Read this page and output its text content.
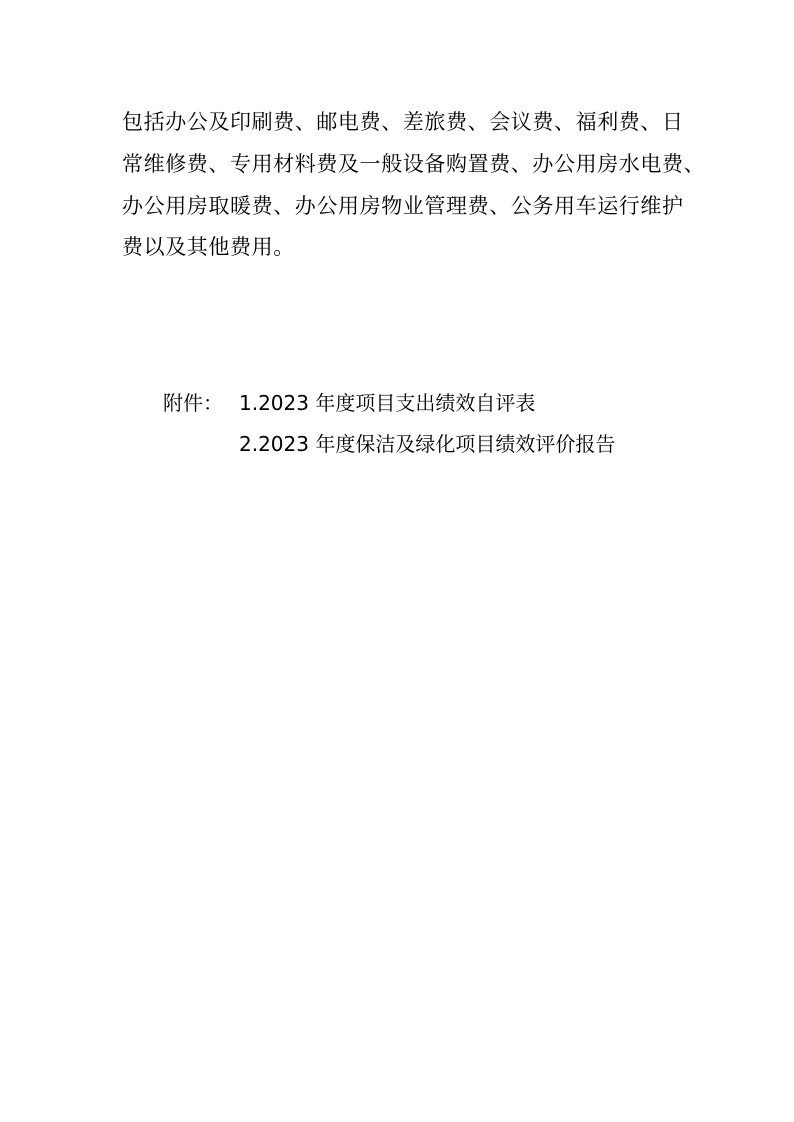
包括办公及印刷费、邮电费、差旅费、会议费、福利费、日
常维修费、专用材料费及一般设备购置费、办公用房水电费、
办公用房取暖费、办公用房物业管理费、公务用车运行维护
费以及其他费用。
附件： 1.2023 年度项目支出绩效自评表
2.2023 年度保洁及绿化项目绩效评价报告
